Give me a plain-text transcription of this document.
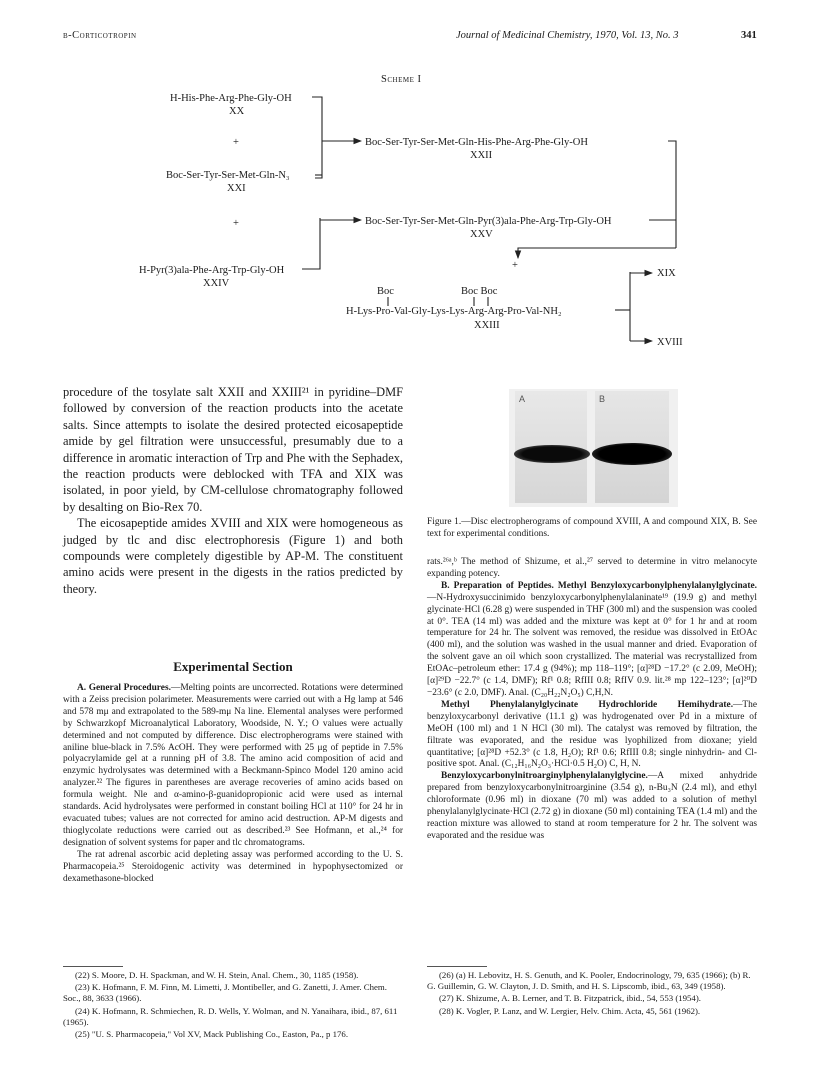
β-Corticotropin	Journal of Medicinal Chemistry, 1970, Vol. 13, No. 3	341
Scheme I
H-His-Phe-Arg-Phe-Gly-OH
XX
+
Boc-Ser-Tyr-Ser-Met-Gln-N₃
XXI
+
H-Pyr(3)ala-Phe-Arg-Trp-Gly-OH
XXIV
Boc-Ser-Tyr-Ser-Met-Gln-His-Phe-Arg-Phe-Gly-OH
XXII
Boc-Ser-Tyr-Ser-Met-Gln-Pyr(3)ala-Phe-Arg-Trp-Gly-OH
XXV
+
Boc	Boc Boc
H-Lys-Pro-Val-Gly-Lys-Lys-Arg-Arg-Pro-Val-NH₂
XXIII
XIX
XVIII
A	B
Figure 1.—Disc electropherograms of compound XVIII, A and compound XIX, B. See text for experimental conditions.

procedure of the tosylate salt XXII and XXIII²¹ in pyridine–DMF followed by conversion of the reaction products into the acetate salts. Since attempts to isolate the desired protected eicosapeptide amide by gel filtration were unsuccessful, presumably due to a difference in aromatic interaction of Trp and Phe with the Sephadex, the reaction products were deblocked with TFA and XIX was isolated, in poor yield, by CM-cellulose chromatography followed by desalting on Bio-Rex 70.

The eicosapeptide amides XVIII and XIX were homogeneous as judged by tlc and disc electrophoresis (Figure 1) and both compounds were completely digestible by AP-M. The constituent amino acids were present in the digests in the ratios predicted by theory.

Experimental Section

A. General Procedures.—Melting points are uncorrected. Rotations were determined with a Zeiss precision polarimeter. Measurements were carried out with a Hg lamp at 546 and 578 mμ and extrapolated to the 589-mμ Na line. Elemental analyses were performed by Schwarzkopf Microanalytical Laboratory, Woodside, N. Y.; O values were actually determined and not computed by difference. Disc electropherograms were stained with aniline blue-black in 7.5% AcOH. They were performed with 25 μg of peptide in 7.5% polyacrylamide gel at a running pH of 3.8. The amino acid composition of acid and enzymic hydrolysates was determined with a Beckmann-Spinco Model 120 amino acid analyzer.²² The figures in parentheses are average recoveries of amino acids based on formula weight. Nle and α-amino-β-guanidopropionic acid were used as internal standards. Acid hydrolysates were performed in constant boiling HCl at 110° for 24 hr in evacuated tubes; values are not corrected for amino acid destruction. AP-M digests and thioglycolate reductions were carried out as described.²³ See Hofmann, et al.,²⁴ for designation of solvent systems for paper and tlc chromatograms.

The rat adrenal ascorbic acid depleting assay was performed according to the U. S. Pharmacopeia.²⁵ Steroidogenic activity was determined in hypophysectomized or dexamethasone-blocked

rats.²⁶ᵃ,ᵇ The method of Shizume, et al.,²⁷ served to determine in vitro melanocyte expanding potency.

B. Preparation of Peptides. Methyl Benzyloxycarbonylphenylalanylglycinate.—N-Hydroxysuccinimido benzyloxycarbonylphenylalaninate¹⁹ (19.9 g) and methyl glycinate·HCl (6.28 g) were suspended in THF (300 ml) and the suspension was cooled at 0°. TEA (14 ml) was added and the mixture was kept at 0° for 1 hr and at room temperature for 24 hr. The solvent was removed, the residue was dissolved in EtOAc (400 ml), and the solution was washed in the usual manner and dried. Evaporation of the solvent gave an oil which soon crystallized. The material was recrystallized from EtOAc–petroleum ether: 17.4 g (94%); mp 118–119°; [α]²⁸D −17.2° (c 2.09, MeOH); [α]²⁹D −22.7° (c 1.4, DMF); Rf¹ 0.8; RfIII 0.8; RfIV 0.9. lit.²⁸ mp 122–123°; [α]²⁰D −23.6° (c 2.0, DMF). Anal. (C₂₀H₂₂N₂O₅) C,H,N.

Methyl Phenylalanylglycinate Hydrochloride Hemihydrate.—The benzyloxycarbonyl derivative (11.1 g) was hydrogenated over Pd in a mixture of MeOH (100 ml) and 1 N HCl (30 ml). The catalyst was removed by filtration, the filtrate was evaporated, and the residue was lyophilized from dioxane; yield quantitative; [α]²⁸D +52.3° (c 1.8, H₂O); Rf¹ 0.6; RfIII 0.8; single ninhydrin- and Cl-positive spot. Anal. (C₁₂H₁₆N₂O₃·HCl·0.5 H₂O) C, H, N.

Benzyloxycarbonylnitroarginylphenylalanylglycine.—A mixed anhydride prepared from benzyloxycarbonylnitroarginine (3.54 g), n-Bu₃N (2.4 ml), and ethyl chloroformate (0.96 ml) in dioxane (70 ml) was added to a solution of methyl phenylalanylglycinate·HCl (2.72 g) in dioxane (50 ml) containing TEA (1.4 ml) and the reaction mixture was allowed to stand at room temperature for 2 hr. The solvent was evaporated and the residue was

(22) S. Moore, D. H. Spackman, and W. H. Stein, Anal. Chem., 30, 1185 (1958).

(23) K. Hofmann, F. M. Finn, M. Limetti, J. Montibeller, and G. Zanetti, J. Amer. Chem. Soc., 88, 3633 (1966).

(24) K. Hofmann, R. Schmiechen, R. D. Wells, Y. Wolman, and N. Yanaihara, ibid., 87, 611 (1965).

(25) "U. S. Pharmacopeia," Vol XV, Mack Publishing Co., Easton, Pa., p 176.

(26) (a) H. Lebovitz, H. S. Genuth, and K. Pooler, Endocrinology, 79, 635 (1966); (b) R. G. Guillemin, G. W. Clayton, J. D. Smith, and H. S. Lipscomb, ibid., 63, 349 (1958).

(27) K. Shizume, A. B. Lerner, and T. B. Fitzpatrick, ibid., 54, 553 (1954).

(28) K. Vogler, P. Lanz, and W. Lergier, Helv. Chim. Acta, 45, 561 (1962).
